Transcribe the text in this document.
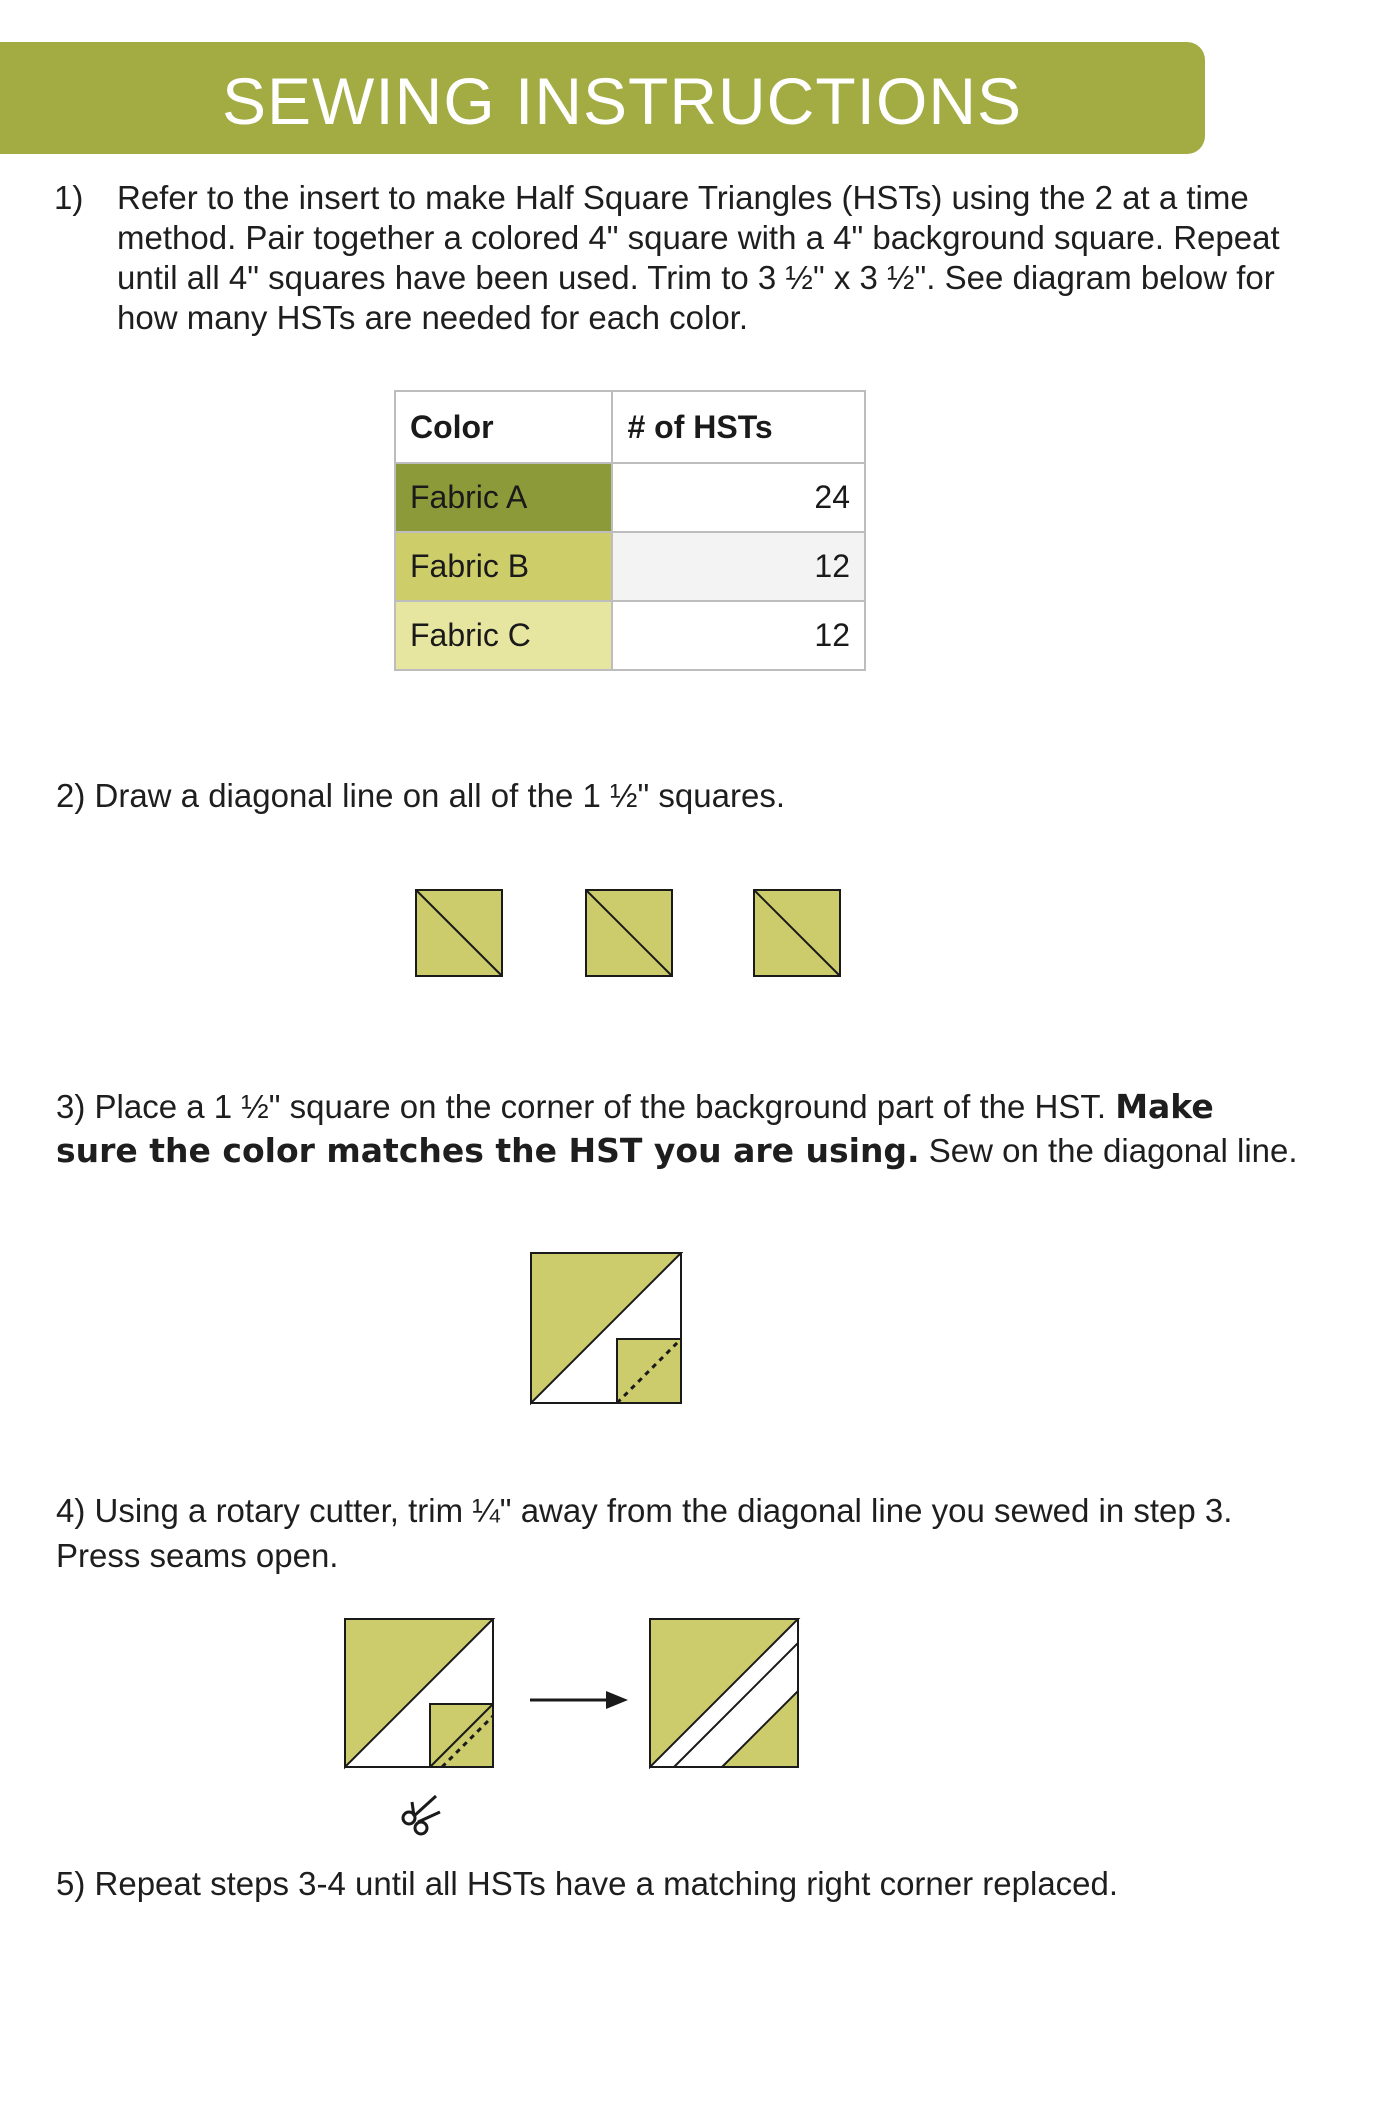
SEWING INSTRUCTIONS

1) Refer to the insert to make Half Square Triangles (HSTs) using the 2 at a time method. Pair together a colored 4" square with a 4" background square. Repeat until all 4" squares have been used. Trim to 3 ½" x 3 ½". See diagram below for how many HSTs are needed for each color.

Color	# of HSTs
Fabric A	24
Fabric B	12
Fabric C	12

2) Draw a diagonal line on all of the 1 ½" squares.

3) Place a 1 ½" square on the corner of the background part of the HST. Make sure the color matches the HST you are using. Sew on the diagonal line.

4) Using a rotary cutter, trim ¼" away from the diagonal line you sewed in step 3. Press seams open.

5) Repeat steps 3-4 until all HSTs have a matching right corner replaced.
